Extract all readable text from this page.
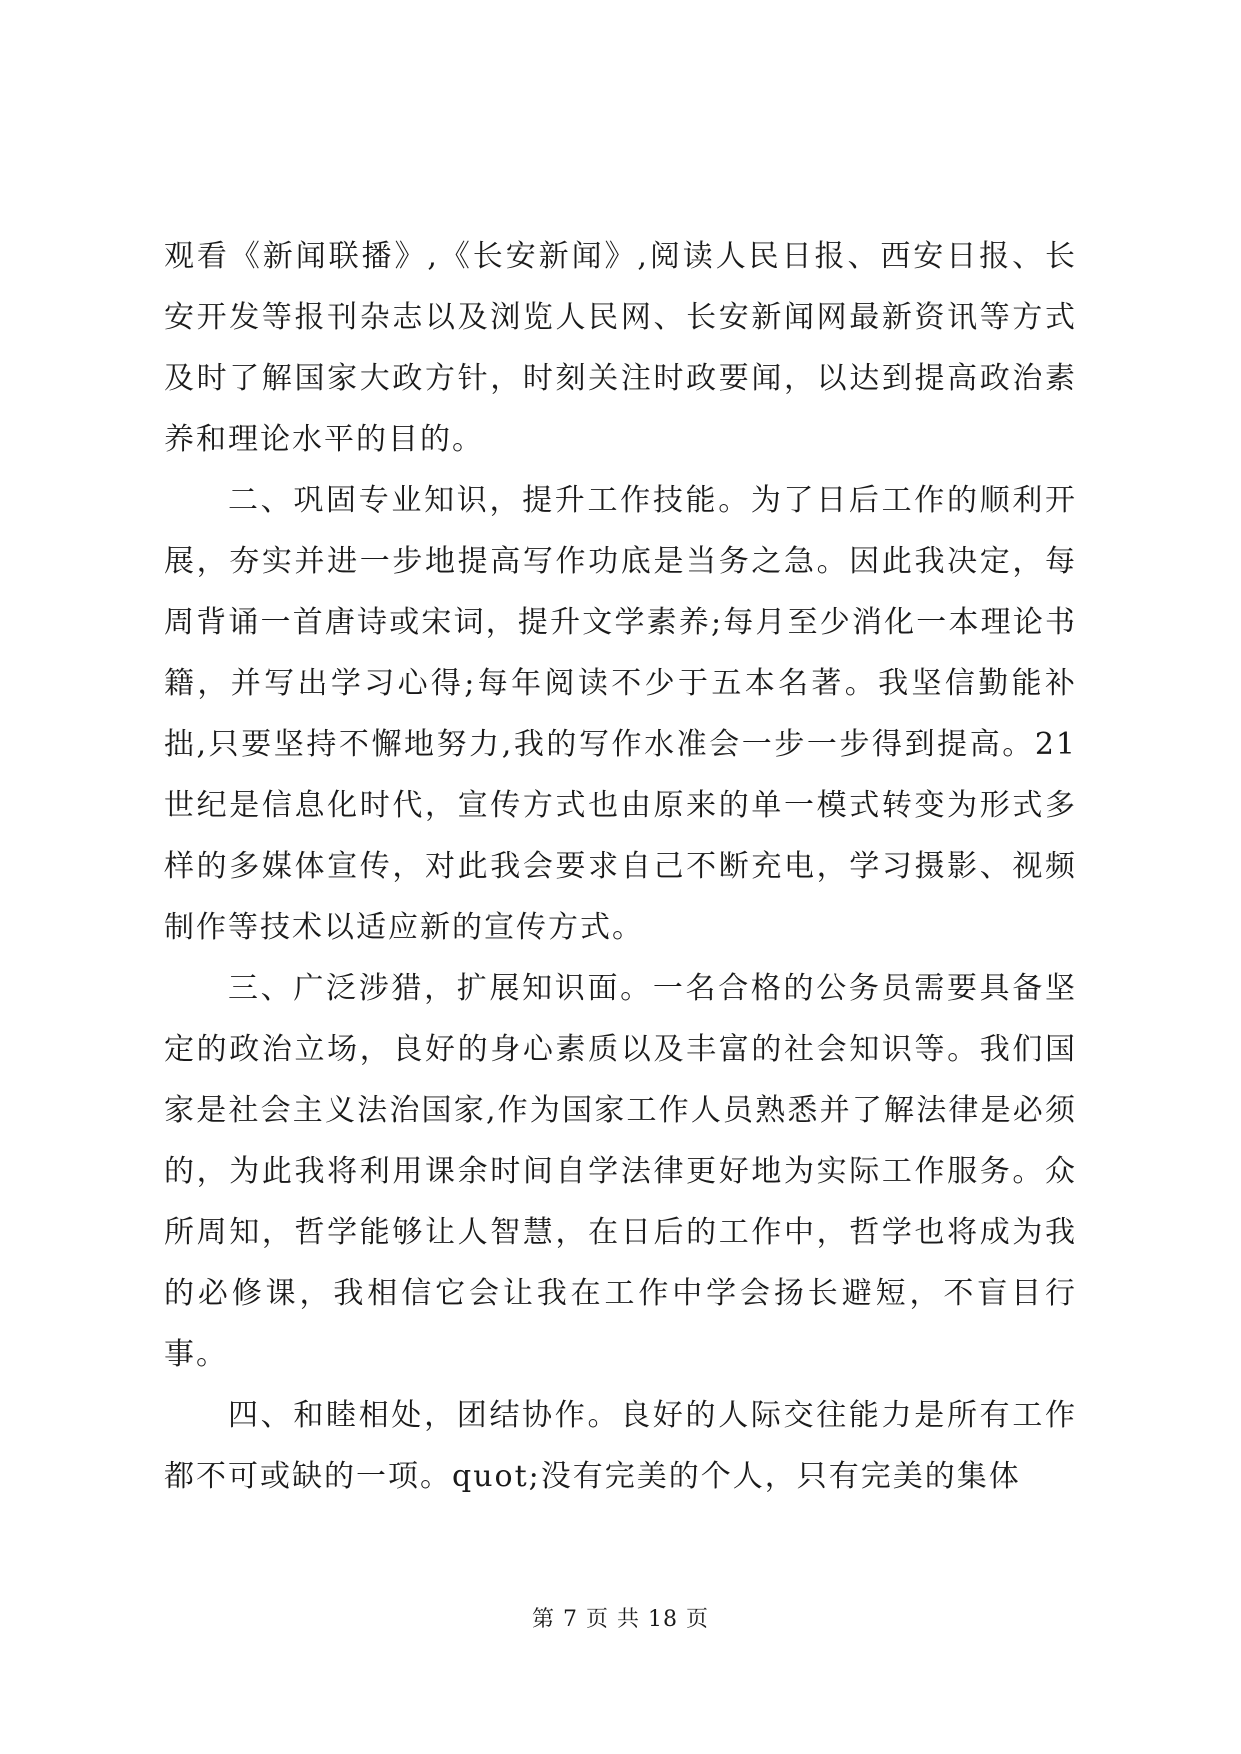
观看《新闻联播》,《长安新闻》,阅读人民日报、西安日报、长安开发等报刊杂志以及浏览人民网、长安新闻网最新资讯等方式及时了解国家大政方针，时刻关注时政要闻，以达到提高政治素养和理论水平的目的。

二、巩固专业知识，提升工作技能。为了日后工作的顺利开展，夯实并进一步地提高写作功底是当务之急。因此我决定，每周背诵一首唐诗或宋词，提升文学素养;每月至少消化一本理论书籍，并写出学习心得;每年阅读不少于五本名著。我坚信勤能补拙,只要坚持不懈地努力,我的写作水准会一步一步得到提高。21 世纪是信息化时代，宣传方式也由原来的单一模式转变为形式多样的多媒体宣传，对此我会要求自己不断充电，学习摄影、视频制作等技术以适应新的宣传方式。

三、广泛涉猎，扩展知识面。一名合格的公务员需要具备坚定的政治立场，良好的身心素质以及丰富的社会知识等。我们国家是社会主义法治国家,作为国家工作人员熟悉并了解法律是必须的，为此我将利用课余时间自学法律更好地为实际工作服务。众所周知，哲学能够让人智慧，在日后的工作中，哲学也将成为我的必修课，我相信它会让我在工作中学会扬长避短，不盲目行事。

四、和睦相处，团结协作。良好的人际交往能力是所有工作都不可或缺的一项。quot;没有完美的个人，只有完美的集体

第 7 页 共 18 页
